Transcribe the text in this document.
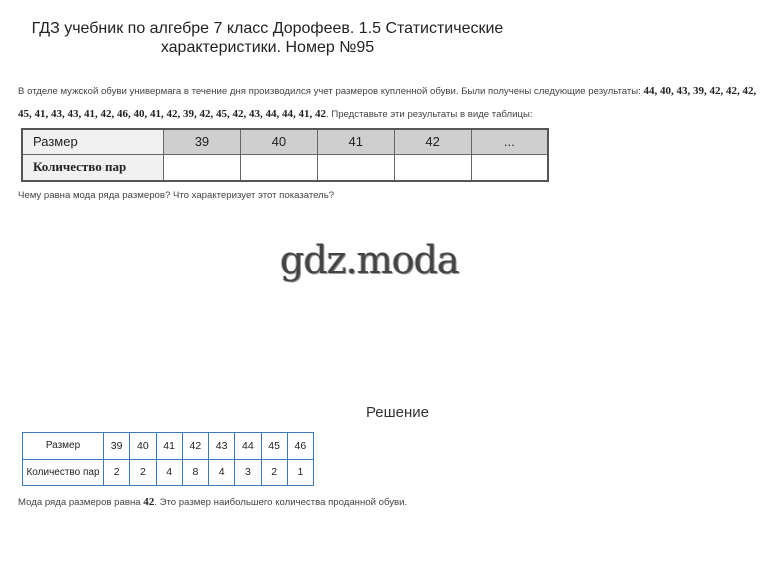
ГДЗ учебник по алгебре 7 класс Дорофеев. 1.5 Статистические характеристики. Номер №95
В отделе мужской обуви универмага в течение дня производился учет размеров купленной обуви. Были получены следующие результаты: 44, 40, 43, 39, 42, 42, 42, 45, 41, 43, 43, 41, 42, 46, 40, 41, 42, 39, 42, 45, 42, 43, 44, 44, 41, 42. Представьте эти результаты в виде таблицы:
Размер	39	40	41	42	...
Количество пар					
Чему равна мода ряда размеров? Что характеризует этот показатель?
gdz.moda
Решение
Размер	39	40	41	42	43	44	45	46
Количество пар	2	2	4	8	4	3	2	1
Мода ряда размеров равна 42. Это размер наибольшего количества проданной обуви.
